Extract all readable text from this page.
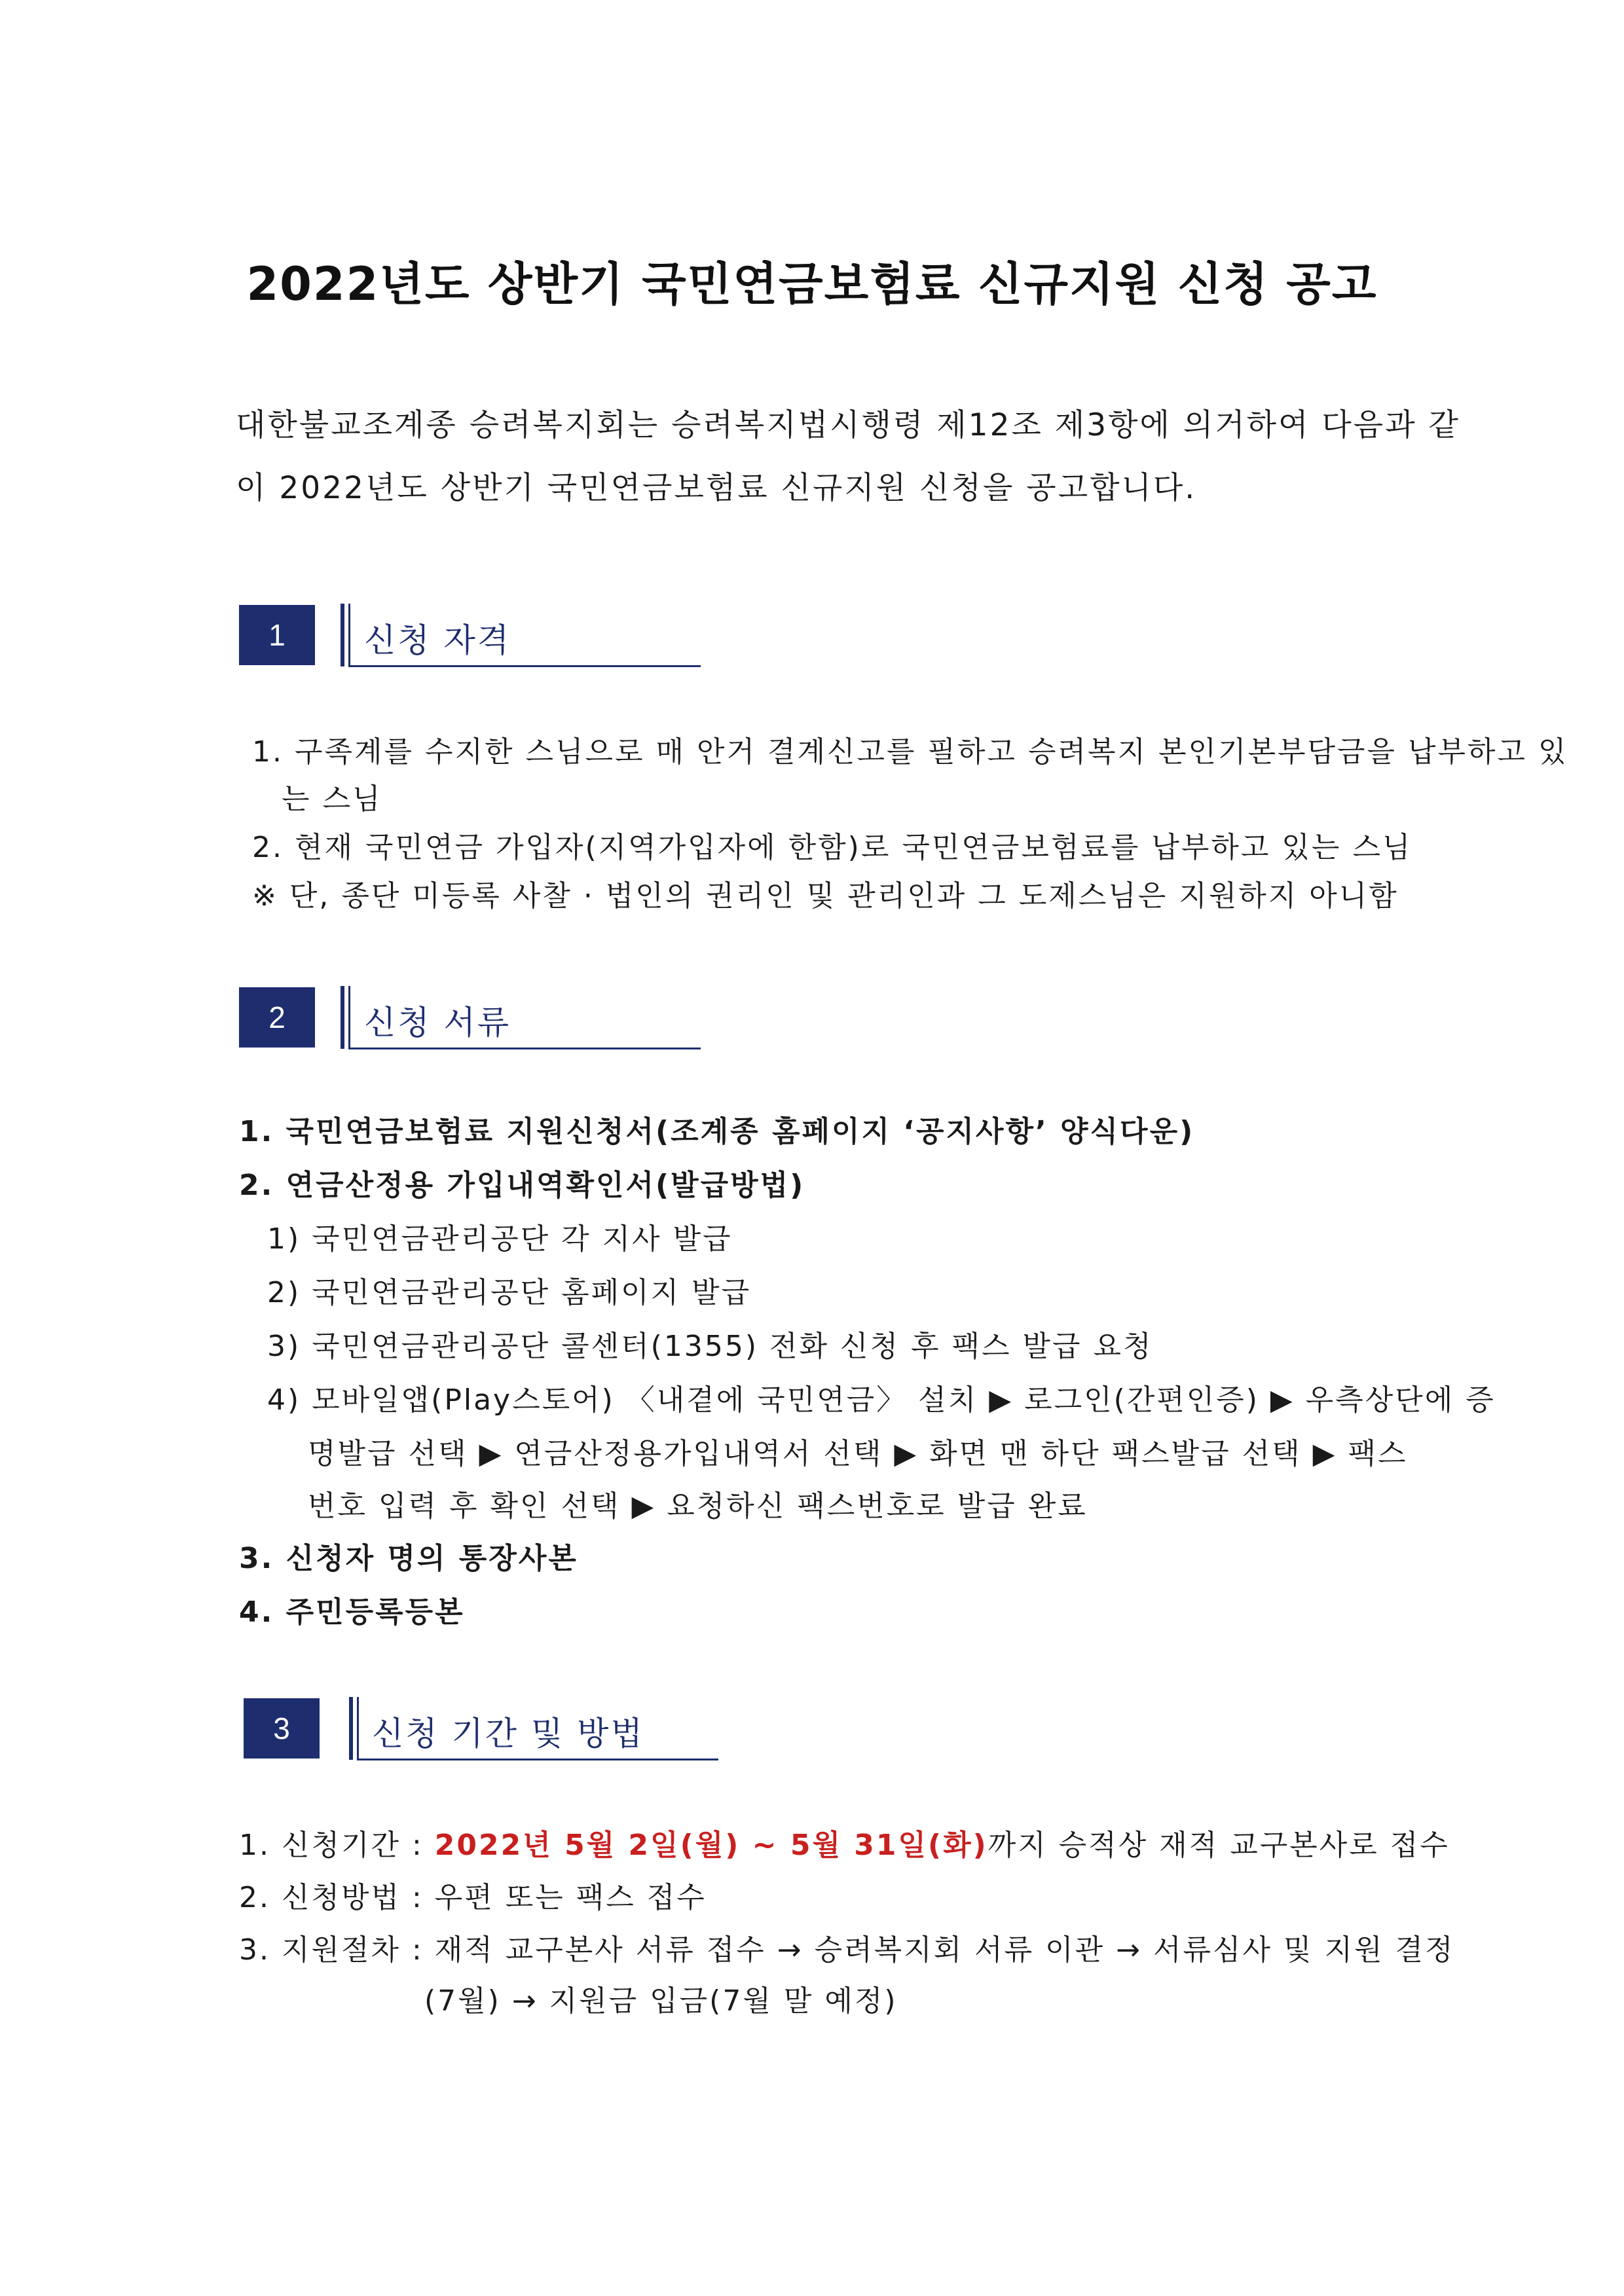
2022년도 상반기 국민연금보험료 신규지원 신청 공고
대한불교조계종 승려복지회는 승려복지법시행령 제12조 제3항에 의거하여 다음과 같
이 2022년도 상반기 국민연금보험료 신규지원 신청을 공고합니다.
1	신청 자격
1. 구족계를 수지한 스님으로 매 안거 결계신고를 필하고 승려복지 본인기본부담금을 납부하고 있
는 스님
2. 현재 국민연금 가입자(지역가입자에 한함)로 국민연금보험료를 납부하고 있는 스님
※ 단, 종단 미등록 사찰 · 법인의 권리인 및 관리인과 그 도제스님은 지원하지 아니함
2	신청 서류
1. 국민연금보험료 지원신청서(조계종 홈페이지 ‘공지사항’ 양식다운)
2. 연금산정용 가입내역확인서(발급방법)
1) 국민연금관리공단 각 지사 발급
2) 국민연금관리공단 홈페이지 발급
3) 국민연금관리공단 콜센터(1355) 전화 신청 후 팩스 발급 요청
4) 모바일앱(Play스토어) 〈내곁에 국민연금〉 설치 ▶ 로그인(간편인증) ▶ 우측상단에 증
명발급 선택 ▶ 연금산정용가입내역서 선택 ▶ 화면 맨 하단 팩스발급 선택 ▶ 팩스
번호 입력 후 확인 선택 ▶ 요청하신 팩스번호로 발급 완료
3. 신청자 명의 통장사본
4. 주민등록등본
3	신청 기간 및 방법
1. 신청기간 : 2022년 5월 2일(월) ~ 5월 31일(화)까지 승적상 재적 교구본사로 접수
2. 신청방법 : 우편 또는 팩스 접수
3. 지원절차 : 재적 교구본사 서류 접수 → 승려복지회 서류 이관 → 서류심사 및 지원 결정
(7월) → 지원금 입금(7월 말 예정)
